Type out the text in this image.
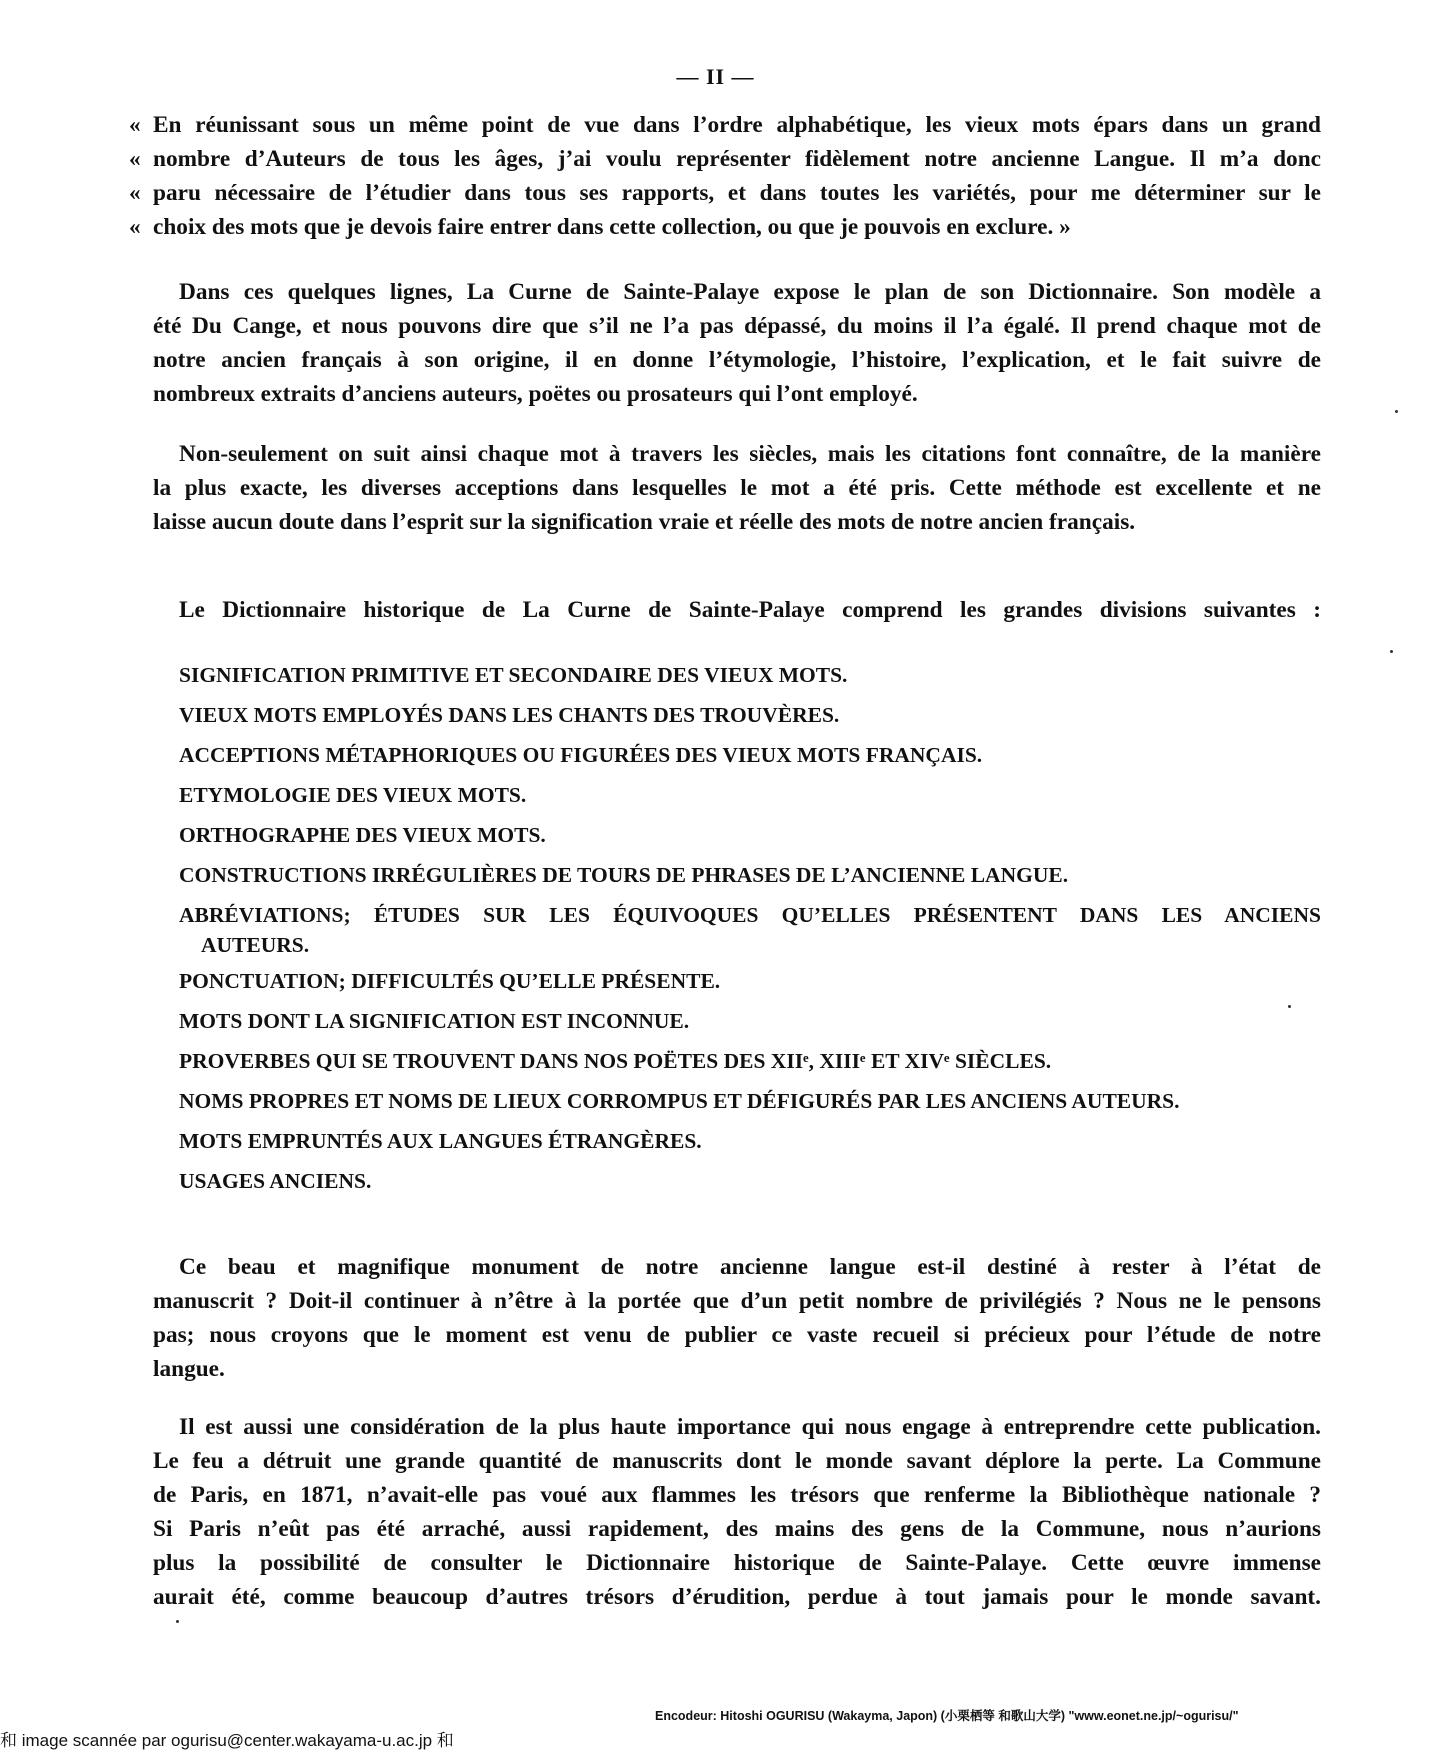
— II —

« En réunissant sous un même point de vue dans l’ordre alphabétique, les vieux mots épars dans un grand

« nombre d’Auteurs de tous les âges, j’ai voulu représenter fidèlement notre ancienne Langue. Il m’a donc

« paru nécessaire de l’étudier dans tous ses rapports, et dans toutes les variétés, pour me déterminer sur le

« choix des mots que je devois faire entrer dans cette collection, ou que je pouvois en exclure. »

Dans ces quelques lignes, La Curne de Sainte-Palaye expose le plan de son Dictionnaire. Son modèle a
été Du Cange, et nous pouvons dire que s’il ne l’a pas dépassé, du moins il l’a égalé. Il prend chaque mot de
notre ancien français à son origine, il en donne l’étymologie, l’histoire, l’explication, et le fait suivre de
nombreux extraits d’anciens auteurs, poëtes ou prosateurs qui l’ont employé.
Non-seulement on suit ainsi chaque mot à travers les siècles, mais les citations font connaître, de la manière
la plus exacte, les diverses acceptions dans lesquelles le mot a été pris. Cette méthode est excellente et ne
laisse aucun doute dans l’esprit sur la signification vraie et réelle des mots de notre ancien français.
Le Dictionnaire historique de La Curne de Sainte-Palaye comprend les grandes divisions suivantes :
SIGNIFICATION PRIMITIVE ET SECONDAIRE DES VIEUX MOTS.
VIEUX MOTS EMPLOYÉS DANS LES CHANTS DES TROUVÈRES.
ACCEPTIONS MÉTAPHORIQUES OU FIGURÉES DES VIEUX MOTS FRANÇAIS.
ETYMOLOGIE DES VIEUX MOTS.
ORTHOGRAPHE DES VIEUX MOTS.
CONSTRUCTIONS IRRÉGULIÈRES DE TOURS DE PHRASES DE L’ANCIENNE LANGUE.
ABRÉVIATIONS; ÉTUDES SUR LES ÉQUIVOQUES QU’ELLES PRÉSENTENT DANS LES ANCIENS
AUTEURS.
PONCTUATION; DIFFICULTÉS QU’ELLE PRÉSENTE.
MOTS DONT LA SIGNIFICATION EST INCONNUE.
PROVERBES QUI SE TROUVENT DANS NOS POËTES DES XIIᵉ, XIIIᵉ ET XIVᵉ SIÈCLES.
NOMS PROPRES ET NOMS DE LIEUX CORROMPUS ET DÉFIGURÉS PAR LES ANCIENS AUTEURS.
MOTS EMPRUNTÉS AUX LANGUES ÉTRANGÈRES.
USAGES ANCIENS.
Ce beau et magnifique monument de notre ancienne langue est-il destiné à rester à l’état de
manuscrit ? Doit-il continuer à n’être à la portée que d’un petit nombre de privilégiés ? Nous ne le pensons
pas; nous croyons que le moment est venu de publier ce vaste recueil si précieux pour l’étude de notre
langue.
Il est aussi une considération de la plus haute importance qui nous engage à entreprendre cette publication.
Le feu a détruit une grande quantité de manuscrits dont le monde savant déplore la perte. La Commune
de Paris, en 1871, n’avait-elle pas voué aux flammes les trésors que renferme la Bibliothèque nationale ?
Si Paris n’eût pas été arraché, aussi rapidement, des mains des gens de la Commune, nous n’aurions
plus la possibilité de consulter le Dictionnaire historique de Sainte-Palaye. Cette œuvre immense
aurait été, comme beaucoup d’autres trésors d’érudition, perdue à tout jamais pour le monde savant.
Encodeur: Hitoshi OGURISU (Wakayma, Japon) (小栗栖等 和歌山大学) "www.eonet.ne.jp/~ogurisu/"
和 image scannée par ogurisu@center.wakayama-u.ac.jp 和
